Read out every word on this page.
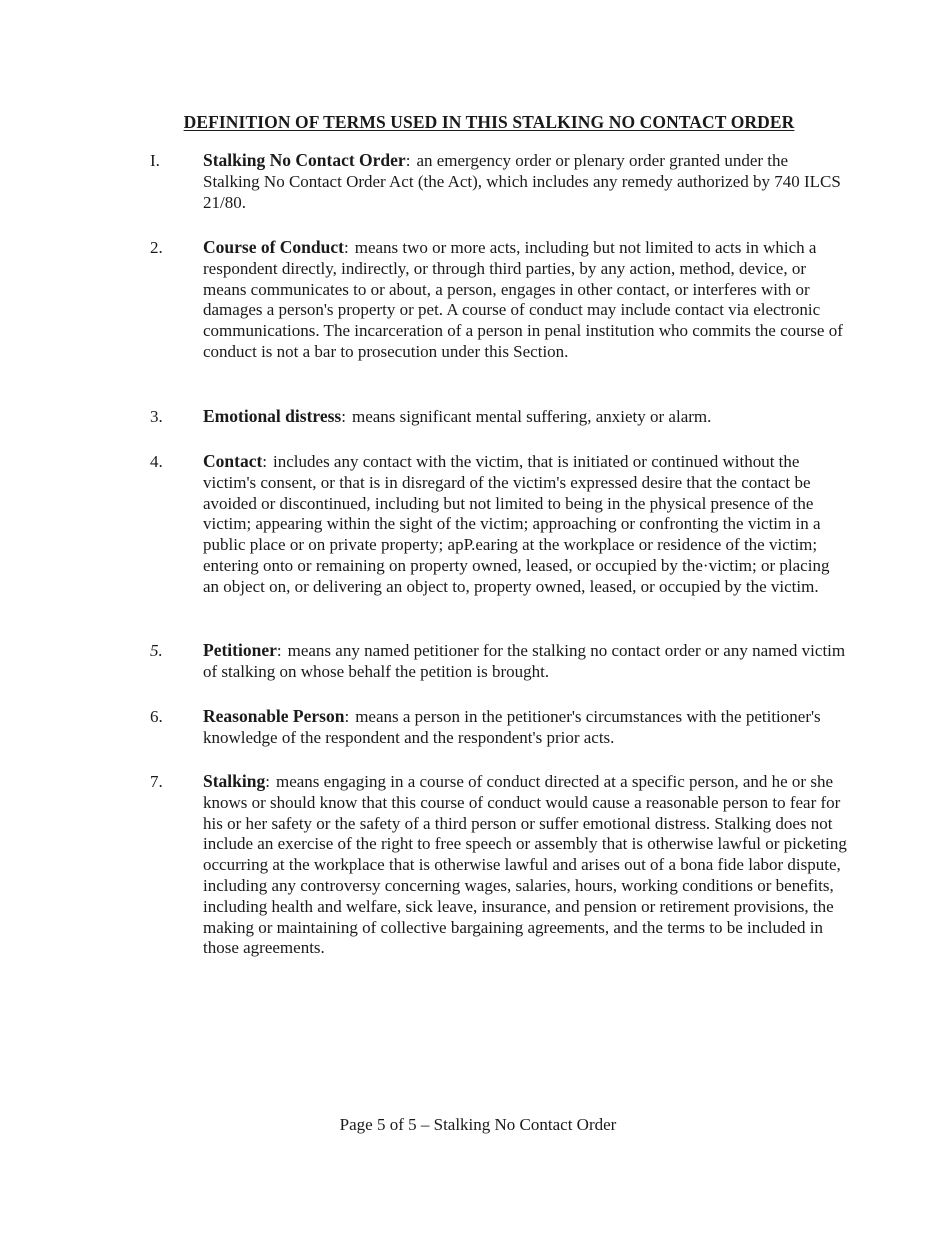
DEFINITION OF TERMS USED IN THIS STALKING NO CONTACT ORDER
I. Stalking No Contact Order: an emergency order or plenary order granted under the Stalking No Contact Order Act (the Act), which includes any remedy authorized by 740 ILCS 21/80.

2. Course of Conduct: means two or more acts, including but not limited to acts in which a respondent directly, indirectly, or through third parties, by any action, method, device, or means communicates to or about, a person, engages in other contact, or interferes with or damages a person's property or pet. A course of conduct may include contact via electronic communications. The incarceration of a person in penal institution who commits the course of conduct is not a bar to prosecution under this Section.

3. Emotional distress: means significant mental suffering, anxiety or alarm.

4. Contact: includes any contact with the victim, that is initiated or continued without the victim's consent, or that is in disregard of the victim's expressed desire that the contact be avoided or discontinued, including but not limited to being in the physical presence of the victim; appearing within the sight of the victim; approaching or confronting the victim in a public place or on private property; apP.earing at the workplace or residence of the victim; entering onto or remaining on property owned, leased, or occupied by the·victim; or placing an object on, or delivering an object to, property owned, leased, or occupied by the victim.

5. Petitioner: means any named petitioner for the stalking no contact order or any named victim of stalking on whose behalf the petition is brought.

6. Reasonable Person: means a person in the petitioner's circumstances with the petitioner's knowledge of the respondent and the respondent's prior acts.

7. Stalking: means engaging in a course of conduct directed at a specific person, and he or she knows or should know that this course of conduct would cause a reasonable person to fear for his or her safety or the safety of a third person or suffer emotional distress. Stalking does not include an exercise of the right to free speech or assembly that is otherwise lawful or picketing occurring at the workplace that is otherwise lawful and arises out of a bona fide labor dispute, including any controversy concerning wages, salaries, hours, working conditions or benefits, including health and welfare, sick leave, insurance, and pension or retirement provisions, the making or maintaining of collective bargaining agreements, and the terms to be included in those agreements.

Page 5 of 5 – Stalking No Contact Order
